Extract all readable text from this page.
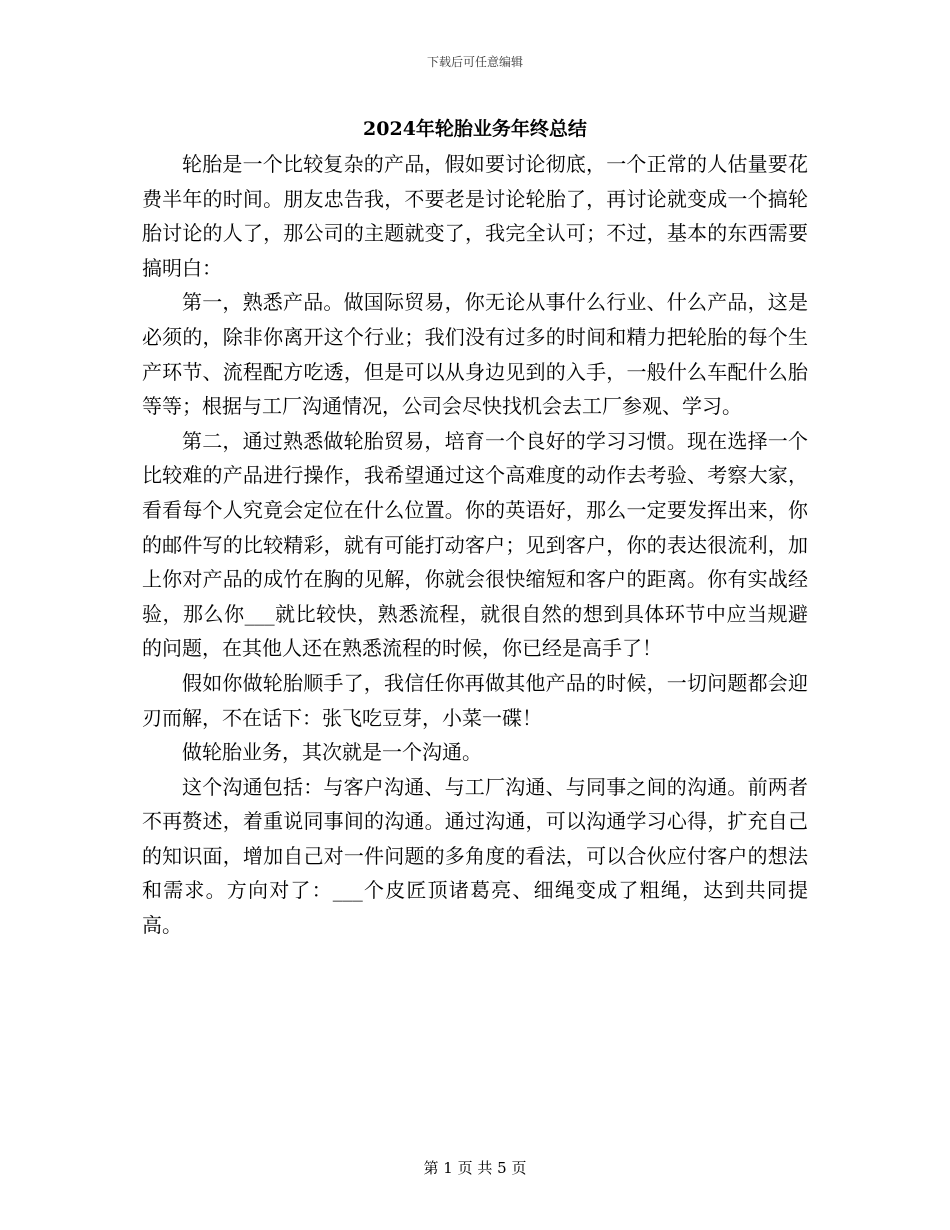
下载后可任意编辑
2024年轮胎业务年终总结

轮胎是一个比较复杂的产品，假如要讨论彻底，一个正常的人估量要花费半年的时间。朋友忠告我，不要老是讨论轮胎了，再讨论就变成一个搞轮胎讨论的人了，那公司的主题就变了，我完全认可；不过，基本的东西需要搞明白：

第一，熟悉产品。做国际贸易，你无论从事什么行业、什么产品，这是必须的，除非你离开这个行业；我们没有过多的时间和精力把轮胎的每个生产环节、流程配方吃透，但是可以从身边见到的入手，一般什么车配什么胎等等；根据与工厂沟通情况，公司会尽快找机会去工厂参观、学习。

第二，通过熟悉做轮胎贸易，培育一个良好的学习习惯。现在选择一个比较难的产品进行操作，我希望通过这个高难度的动作去考验、考察大家，看看每个人究竟会定位在什么位置。你的英语好，那么一定要发挥出来，你的邮件写的比较精彩，就有可能打动客户；见到客户，你的表达很流利，加上你对产品的成竹在胸的见解，你就会很快缩短和客户的距离。你有实战经验，那么你___就比较快，熟悉流程，就很自然的想到具体环节中应当规避的问题，在其他人还在熟悉流程的时候，你已经是高手了！

假如你做轮胎顺手了，我信任你再做其他产品的时候，一切问题都会迎刃而解，不在话下：张飞吃豆芽，小菜一碟！

做轮胎业务，其次就是一个沟通。

这个沟通包括：与客户沟通、与工厂沟通、与同事之间的沟通。前两者不再赘述，着重说同事间的沟通。通过沟通，可以沟通学习心得，扩充自己的知识面，增加自己对一件问题的多角度的看法，可以合伙应付客户的想法和需求。方向对了：___个皮匠顶诸葛亮、细绳变成了粗绳，达到共同提高。

第 1 页 共 5 页
